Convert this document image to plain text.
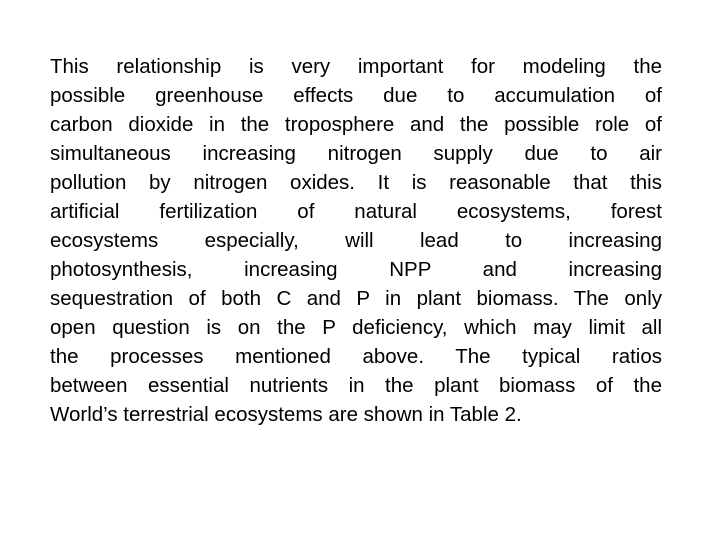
This relationship is very important for modeling the
possible greenhouse effects due to accumulation of
carbon dioxide in the troposphere and the possible role of
simultaneous increasing nitrogen supply due to air
pollution by nitrogen oxides. It is reasonable that this
artificial fertilization of natural ecosystems, forest
ecosystems especially, will lead to increasing
photosynthesis, increasing NPP and increasing
sequestration of both C and P in plant biomass. The only
open question is on the P deficiency, which may limit all
the processes mentioned above. The typical ratios
between essential nutrients in the plant biomass of the
World’s terrestrial ecosystems are shown in Table 2.
